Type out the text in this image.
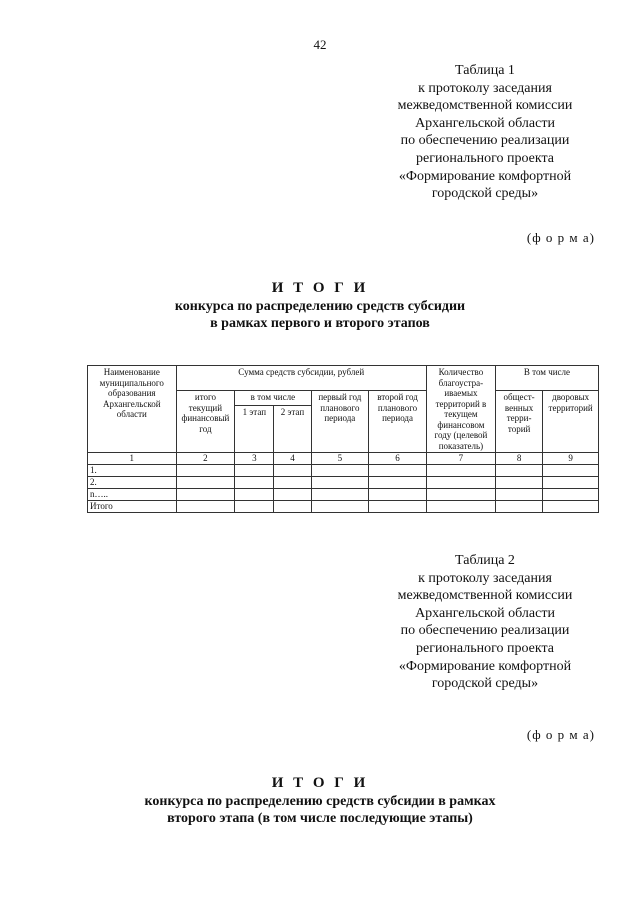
42
Таблица 1
к протоколу заседания
межведомственной комиссии
Архангельской области
по обеспечению реализации
регионального проекта
«Формирование комфортной
городской среды»
(ф о р м а)
И Т О Г И
конкурса по распределению средств субсидии
в рамках первого и второго этапов
Наименование муниципального образования Архангельской области	Сумма средств субсидии, рублей					Количество благоустра-иваемых территорий в текущем финансовом году (целевой показатель)	В том числе	
	итого текущий финансовый год	в том числе		первый год планового периода	второй год планового периода		общест-венных терри-торий	дворовых территорий
		1 этап	2 этап					
1	2	3	4	5	6	7	8	9
1.								
2.								
n…..								
Итого								
Таблица 2
к протоколу заседания
межведомственной комиссии
Архангельской области
по обеспечению реализации
регионального проекта
«Формирование комфортной
городской среды»
(ф о р м а)
И Т О Г И
конкурса по распределению средств субсидии в рамках
второго этапа (в том числе последующие этапы)
